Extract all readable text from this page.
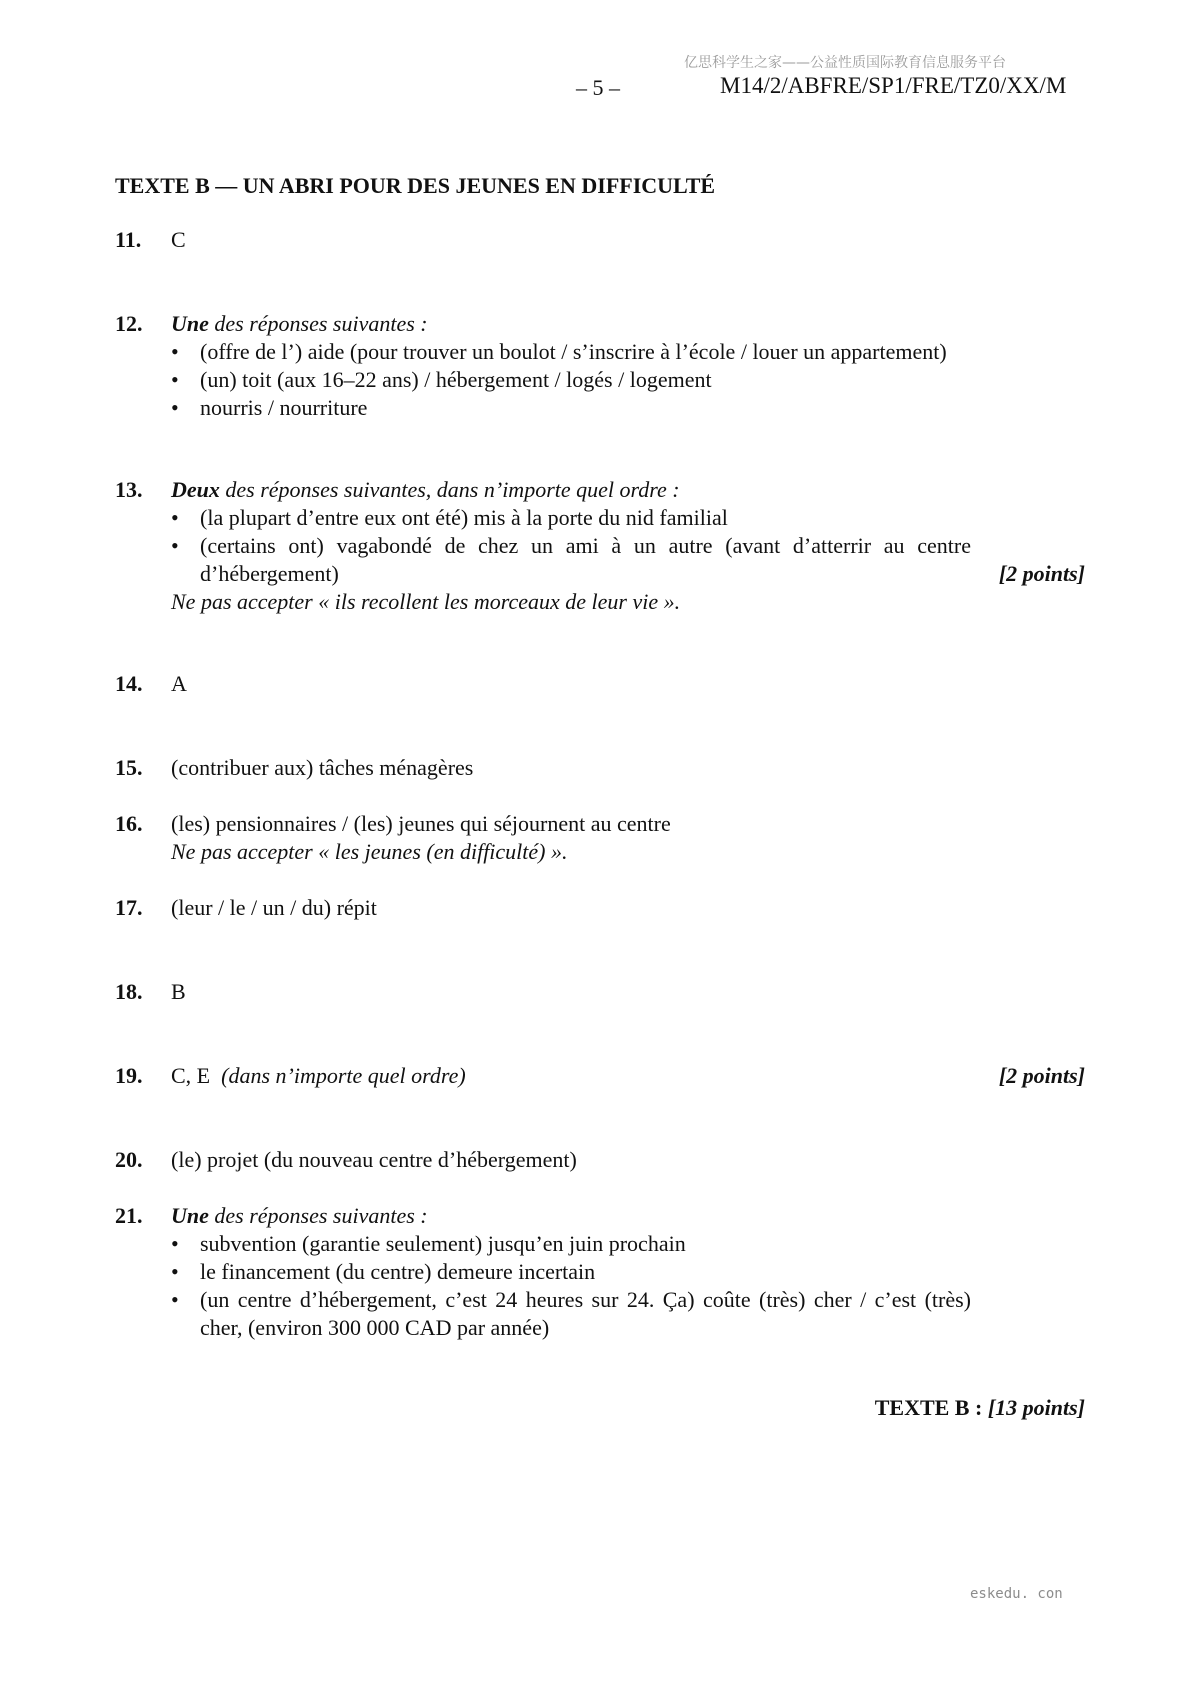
亿思科学生之家——公益性质国际教育信息服务平台
– 5 –	M14/2/ABFRE/SP1/FRE/TZ0/XX/M
TEXTE B — UN ABRI POUR DES JEUNES EN DIFFICULTÉ
11. C
12. Une des réponses suivantes :
• (offre de l’) aide (pour trouver un boulot / s’inscrire à l’école / louer un appartement)
• (un) toit (aux 16–22 ans) / hébergement / logés / logement
• nourris / nourriture
13. Deux des réponses suivantes, dans n’importe quel ordre :
• (la plupart d’entre eux ont été) mis à la porte du nid familial
• (certains ont) vagabondé de chez un ami à un autre (avant d’atterrir au centre d’hébergement)
Ne pas accepter « ils recollent les morceaux de leur vie ».
[2 points]
14. A
15. (contribuer aux) tâches ménagères
16. (les) pensionnaires / (les) jeunes qui séjournent au centre
Ne pas accepter « les jeunes (en difficulté) ».
17. (leur / le / un / du) répit
18. B
19. C, E (dans n’importe quel ordre)	[2 points]
20. (le) projet (du nouveau centre d’hébergement)
21. Une des réponses suivantes :
• subvention (garantie seulement) jusqu’en juin prochain
• le financement (du centre) demeure incertain
• (un centre d’hébergement, c’est 24 heures sur 24. Ça) coûte (très) cher / c’est (très) cher, (environ 300 000 CAD par année)
TEXTE B : [13 points]
eskedu. con
